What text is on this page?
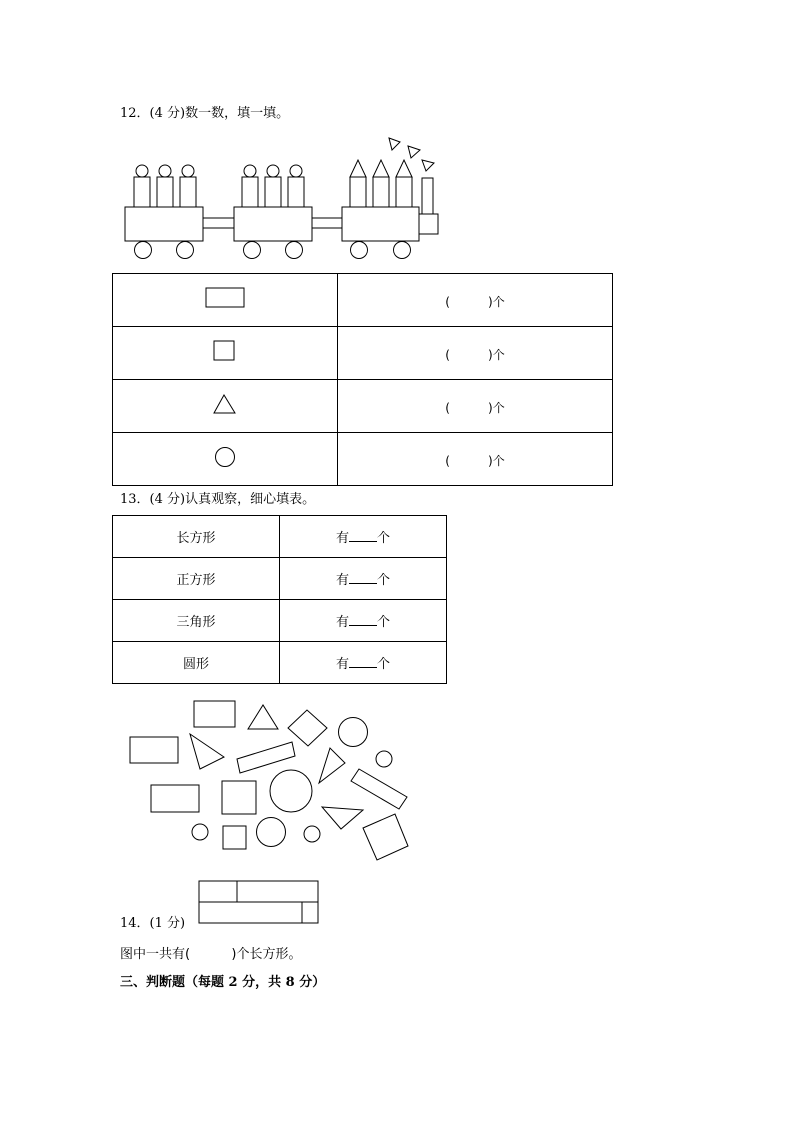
12．(4 分)数一数，填一填。
	(          )个
	(          )个
	(          )个
	(          )个
13．(4 分)认真观察，细心填表。
长方形	有 个
正方形	有 个
三角形	有 个
圆形	有 个
14．(1 分)
图中一共有(          )个长方形。
三、判断题（每题 2 分，共 8 分）
